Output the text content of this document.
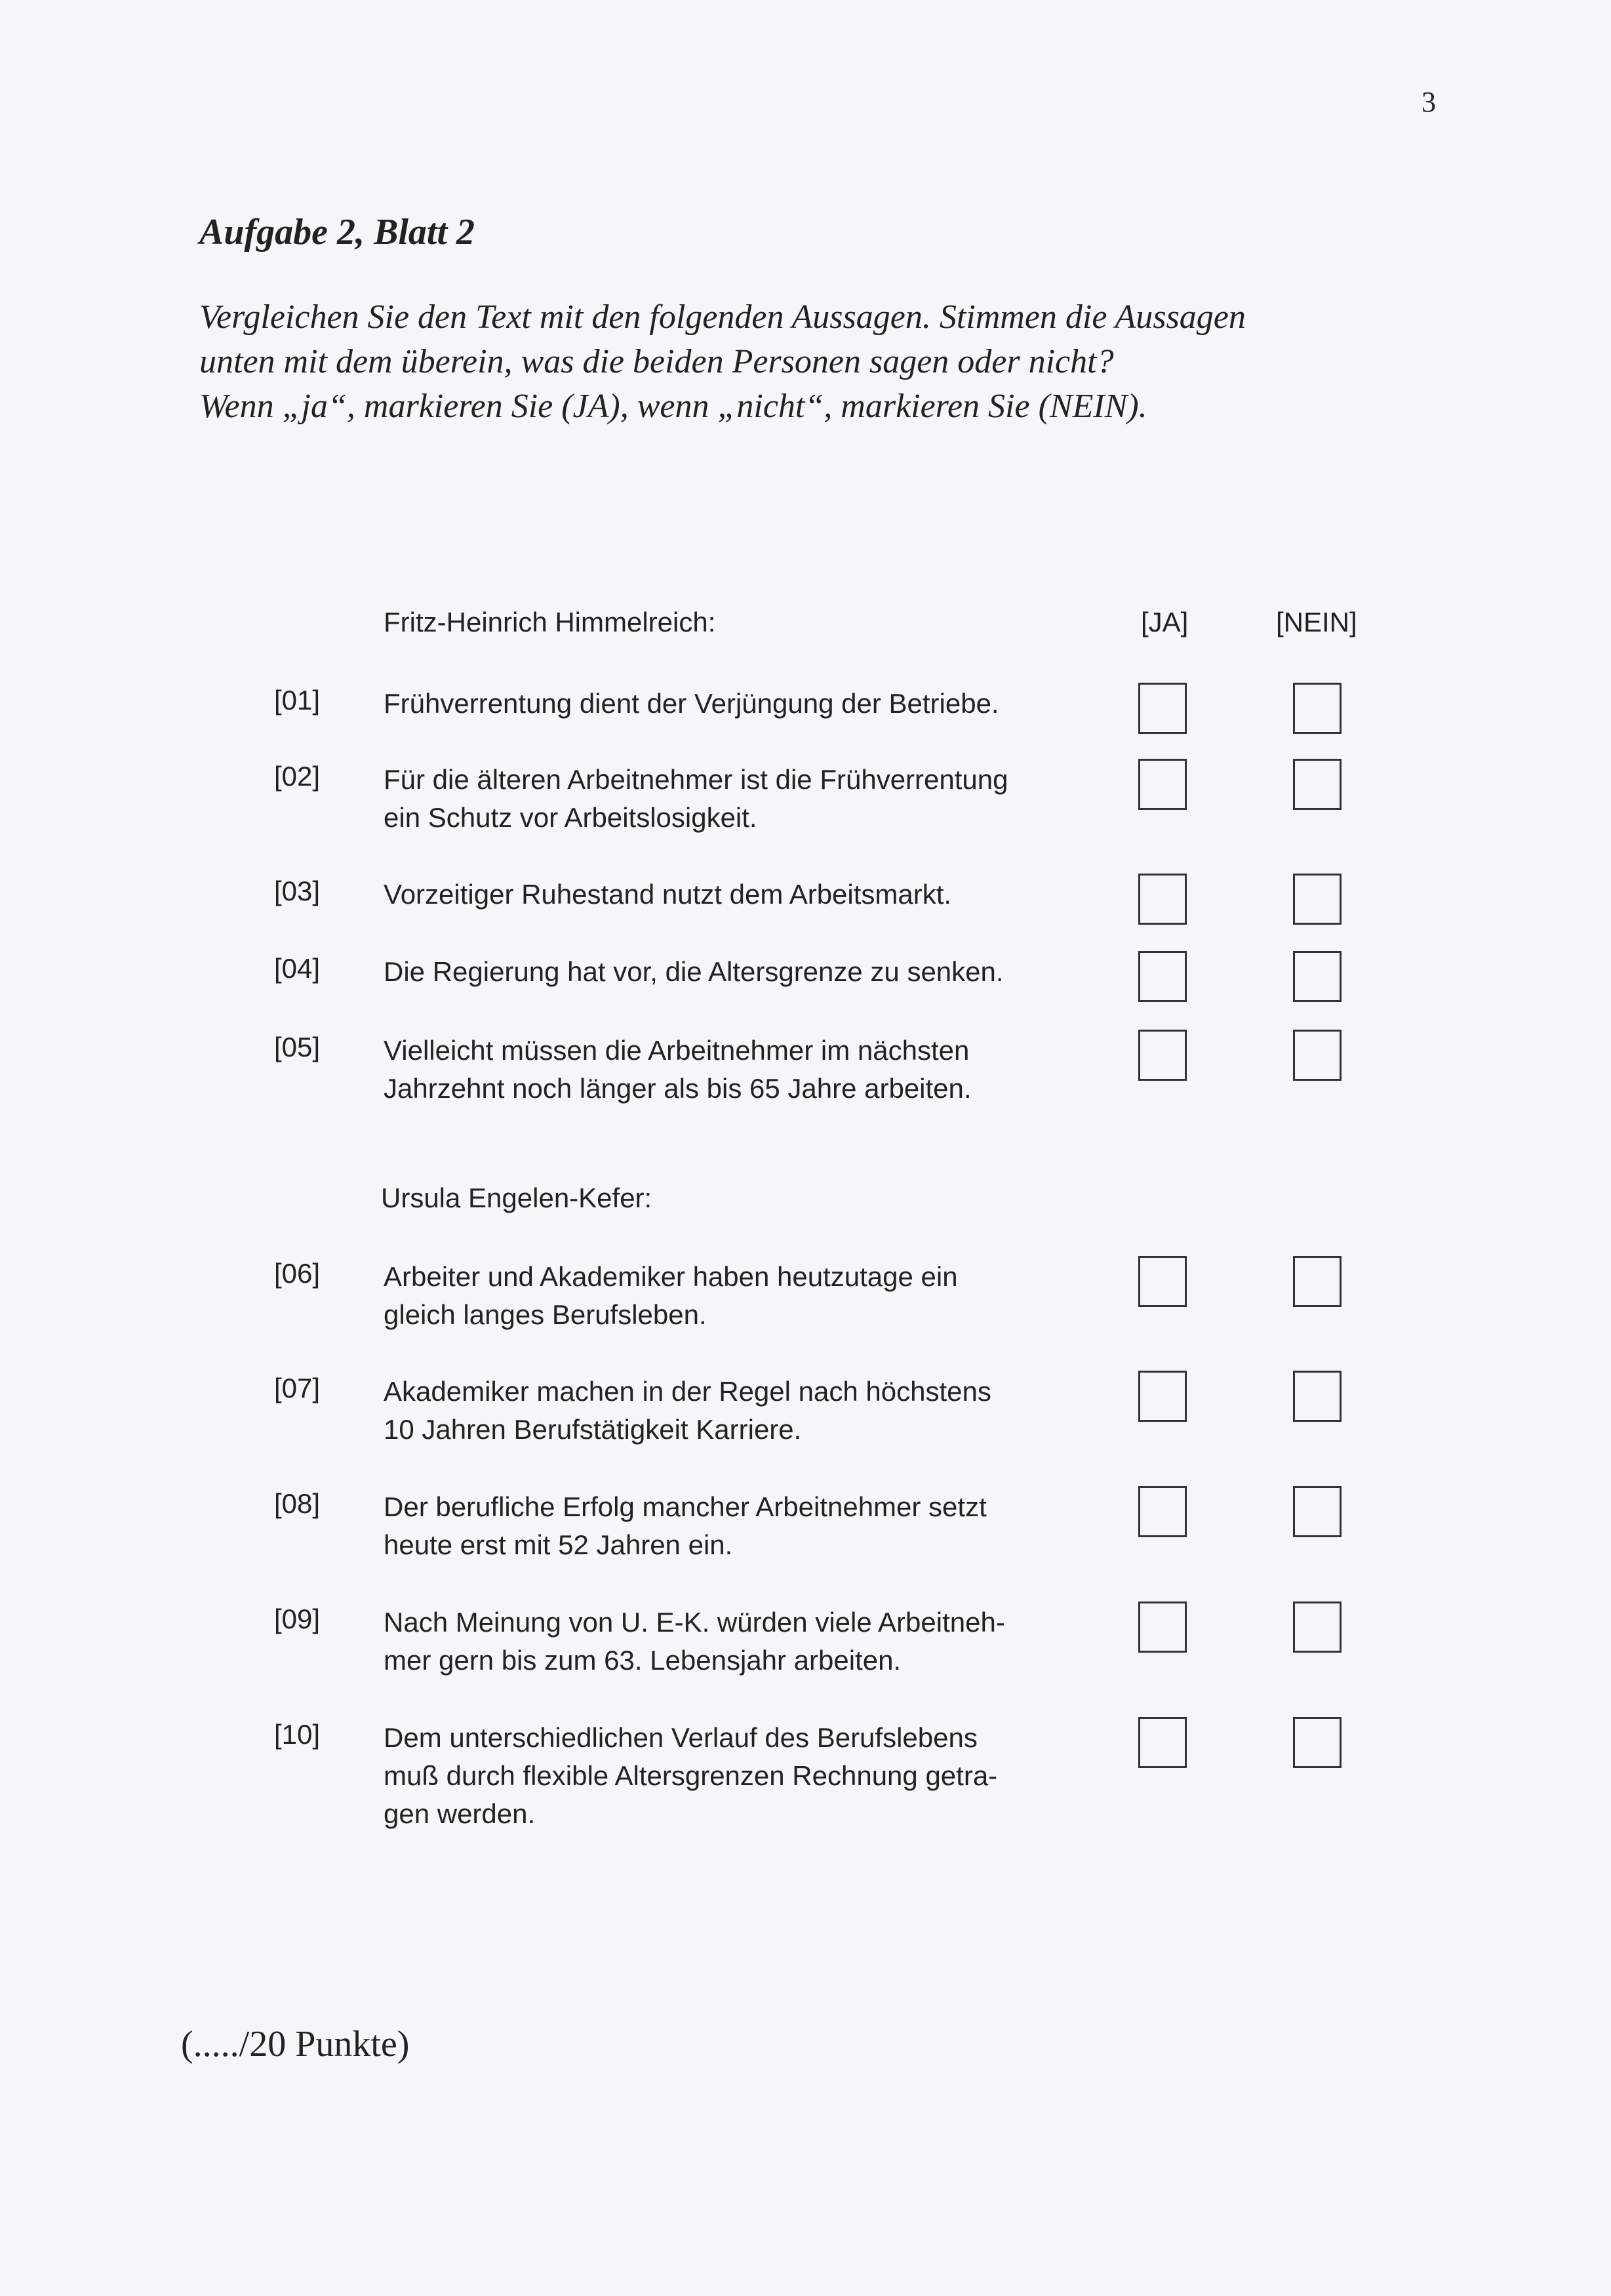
3
Aufgabe 2, Blatt 2
Vergleichen Sie den Text mit den folgenden Aussagen. Stimmen die Aussagen
unten mit dem überein, was die beiden Personen sagen oder nicht?
Wenn „ja“, markieren Sie (JA), wenn „nicht“, markieren Sie (NEIN).
Fritz-Heinrich Himmelreich:	[JA]	[NEIN]
Ursula Engelen-Kefer:
[01] Frühverrentung dient der Verjüngung der Betriebe.
[02] Für die älteren Arbeitnehmer ist die Frühverrentung
ein Schutz vor Arbeitslosigkeit.
[03] Vorzeitiger Ruhestand nutzt dem Arbeitsmarkt.
[04] Die Regierung hat vor, die Altersgrenze zu senken.
[05] Vielleicht müssen die Arbeitnehmer im nächsten
Jahrzehnt noch länger als bis 65 Jahre arbeiten.
[06] Arbeiter und Akademiker haben heutzutage ein
gleich langes Berufsleben.
[07] Akademiker machen in der Regel nach höchstens
10 Jahren Berufstätigkeit Karriere.
[08] Der berufliche Erfolg mancher Arbeitnehmer setzt
heute erst mit 52 Jahren ein.
[09] Nach Meinung von U. E-K. würden viele Arbeitneh-
mer gern bis zum 63. Lebensjahr arbeiten.
[10] Dem unterschiedlichen Verlauf des Berufslebens
muß durch flexible Altersgrenzen Rechnung getra-
gen werden.
(...../20 Punkte)
